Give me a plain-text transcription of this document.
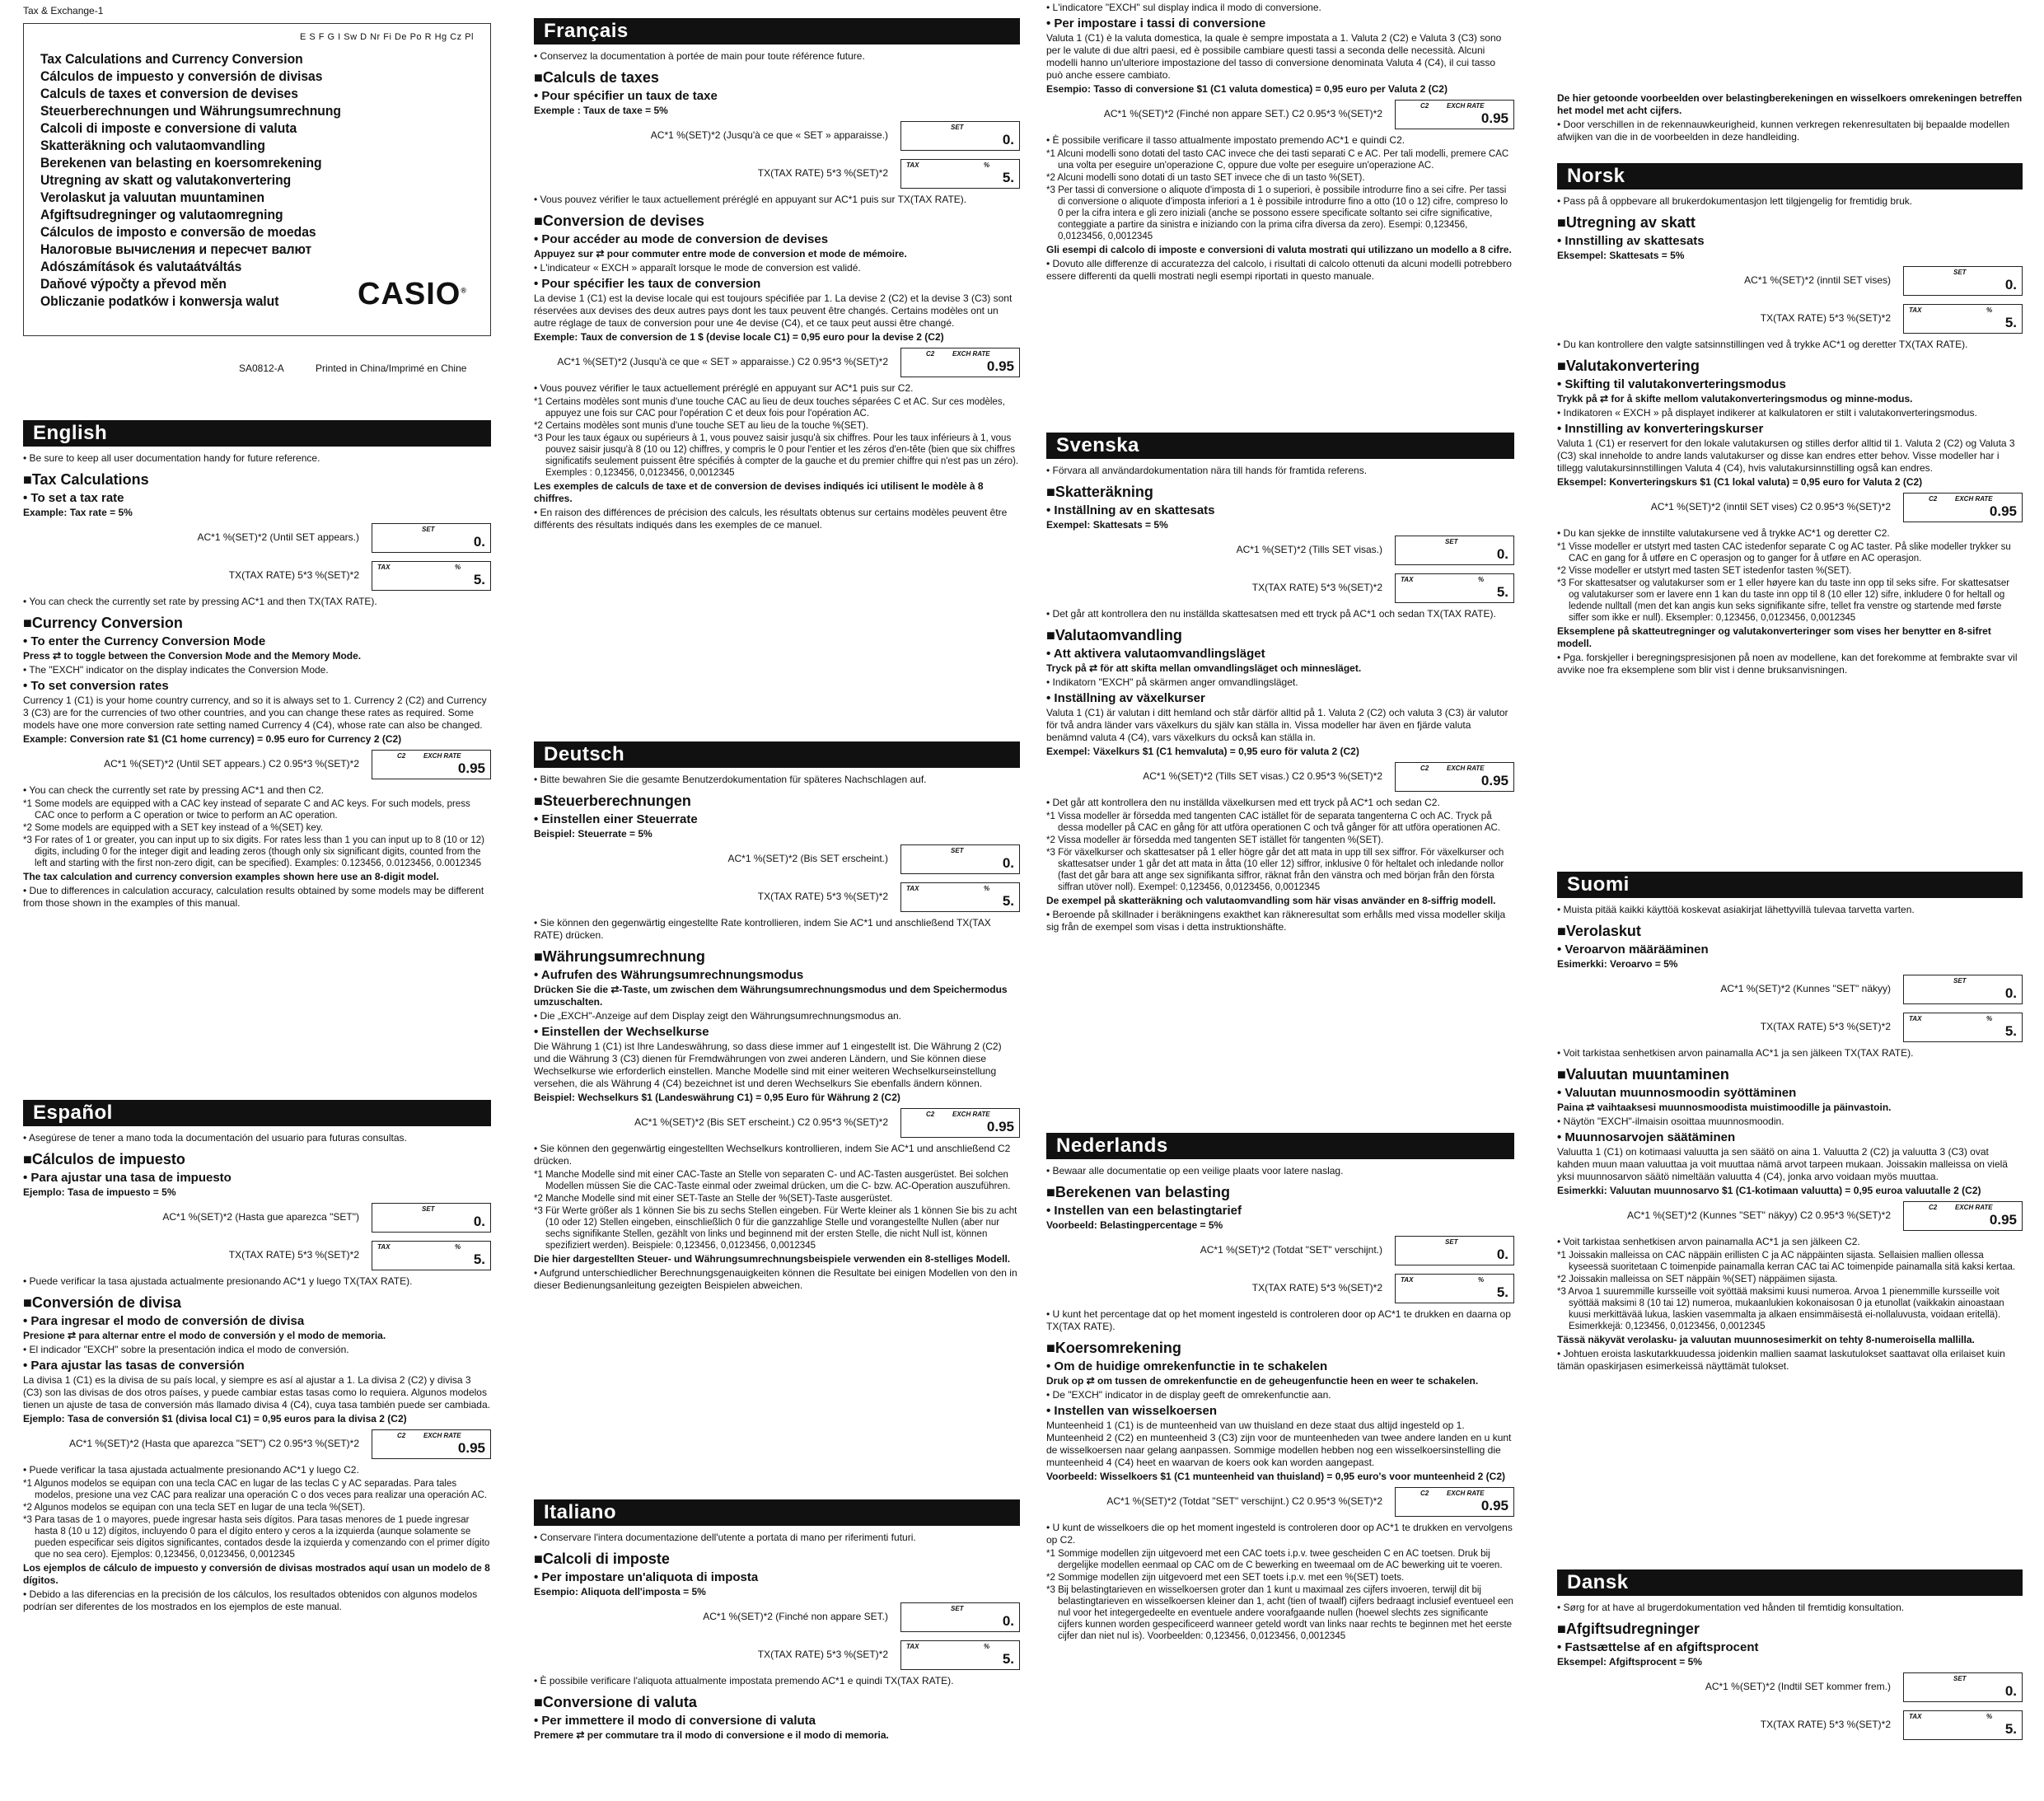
Tax & Exchange-1
E S F G I Sw D Nr Fi De Po R Hg Cz Pl
Tax Calculations and Currency Conversion
Cálculos de impuesto y conversión de divisas
Calculs de taxes et conversion de devises
Steuerberechnungen und Währungsumrechnung
Calcoli di imposte e conversione di valuta
Skatteräkning och valutaomvandling
Berekenen van belasting en koersomrekening
Utregning av skatt og valutakonvertering
Verolaskut ja valuutan muuntaminen
Afgiftsudregninger og valutaomregning
Cálculos de imposto e conversão de moedas
Налоговые вычисления и пересчет валют
Adószámítások és valutaátváltás
Daňové výpočty a převod měn
Obliczanie podatków i konwersja walut	CASIO®
SA0812-A	Printed in China/Imprimé en Chine
English
• Be sure to keep all user documentation handy for future reference.
■Tax Calculations
• To set a tax rate
Example: Tax rate = 5%
AC*1 %(SET)*2 (Until SET appears.)
SET
0.
TX(TAX RATE) 5*3 %(SET)*2
TAX	%
5.
• You can check the currently set rate by pressing AC*1 and then TX(TAX RATE).
■Currency Conversion
• To enter the Currency Conversion Mode
Press ⇄ to toggle between the Conversion Mode and the Memory Mode.
• The "EXCH" indicator on the display indicates the Conversion Mode.
• To set conversion rates
Currency 1 (C1) is your home country currency, and so it is always set to 1. Currency 2 (C2) and Currency 3 (C3) are for the currencies of two other countries, and you can change these rates as required. Some models have one more conversion rate setting named Currency 4 (C4), whose rate can also be changed.
Example: Conversion rate $1 (C1 home currency) = 0.95 euro for Currency 2 (C2)
AC*1 %(SET)*2 (Until SET appears.) C2 0.95*3 %(SET)*2
C2	EXCH RATE
0.95
• You can check the currently set rate by pressing AC*1 and then C2.
*1 Some models are equipped with a CAC key instead of separate C and AC keys. For such models, press CAC once to perform a C operation or twice to perform an AC operation.
*2 Some models are equipped with a SET key instead of a %(SET) key.
*3 For rates of 1 or greater, you can input up to six digits. For rates less than 1 you can input up to 8 (10 or 12) digits, including 0 for the integer digit and leading zeros (though only six significant digits, counted from the left and starting with the first non-zero digit, can be specified). Examples: 0.123456, 0.0123456, 0.0012345
The tax calculation and currency conversion examples shown here use an 8-digit model.
• Due to differences in calculation accuracy, calculation results obtained by some models may be different from those shown in the examples of this manual.
Español
• Asegúrese de tener a mano toda la documentación del usuario para futuras consultas.
■Cálculos de impuesto
• Para ajustar una tasa de impuesto
Ejemplo: Tasa de impuesto = 5%
AC*1 %(SET)*2 (Hasta gue aparezca "SET")
SET
0.
TX(TAX RATE) 5*3 %(SET)*2
TAX	%
5.
• Puede verificar la tasa ajustada actualmente presionando AC*1 y luego TX(TAX RATE).
■Conversión de divisa
• Para ingresar el modo de conversión de divisa
Presione ⇄ para alternar entre el modo de conversión y el modo de memoria.
• El indicador "EXCH" sobre la presentación indica el modo de conversión.
• Para ajustar las tasas de conversión
La divisa 1 (C1) es la divisa de su país local, y siempre es así al ajustar a 1. La divisa 2 (C2) y divisa 3 (C3) son las divisas de dos otros países, y puede cambiar estas tasas como lo requiera. Algunos modelos tienen un ajuste de tasa de conversión más llamado divisa 4 (C4), cuya tasa también puede ser cambiada.
Ejemplo: Tasa de conversión $1 (divisa local C1) = 0,95 euros para la divisa 2 (C2)
AC*1 %(SET)*2 (Hasta que aparezca "SET") C2 0.95*3 %(SET)*2
C2	EXCH RATE
0.95
• Puede verificar la tasa ajustada actualmente presionando AC*1 y luego C2.
*1 Algunos modelos se equipan con una tecla CAC en lugar de las teclas C y AC separadas. Para tales modelos, presione una vez CAC para realizar una operación C o dos veces para realizar una operación AC.
*2 Algunos modelos se equipan con una tecla SET en lugar de una tecla %(SET).
*3 Para tasas de 1 o mayores, puede ingresar hasta seis dígitos. Para tasas menores de 1 puede ingresar hasta 8 (10 u 12) dígitos, incluyendo 0 para el dígito entero y ceros a la izquierda (aunque solamente se pueden especificar seis dígitos significantes, contados desde la izquierda y comenzando con el primer dígito que no sea cero). Ejemplos: 0,123456, 0,0123456, 0,0012345
Los ejemplos de cálculo de impuesto y conversión de divisas mostrados aquí usan un modelo de 8 dígitos.
• Debido a las diferencias en la precisión de los cálculos, los resultados obtenidos con algunos modelos podrían ser diferentes de los mostrados en los ejemplos de este manual.
Français
• Conservez la documentation à portée de main pour toute référence future.
■Calculs de taxes
• Pour spécifier un taux de taxe
Exemple : Taux de taxe = 5%
AC*1 %(SET)*2 (Jusqu'à ce que « SET » apparaisse.)
SET
0.
TX(TAX RATE) 5*3 %(SET)*2
TAX	%
5.
• Vous pouvez vérifier le taux actuellement préréglé en appuyant sur AC*1 puis sur TX(TAX RATE).
■Conversion de devises
• Pour accéder au mode de conversion de devises
Appuyez sur ⇄ pour commuter entre mode de conversion et mode de mémoire.
• L'indicateur « EXCH » apparaît lorsque le mode de conversion est validé.
• Pour spécifier les taux de conversion
La devise 1 (C1) est la devise locale qui est toujours spécifiée par 1. La devise 2 (C2) et la devise 3 (C3) sont réservées aux devises des deux autres pays dont les taux peuvent être changés. Certains modèles ont un autre réglage de taux de conversion pour une 4e devise (C4), et ce taux peut aussi être changé.
Exemple: Taux de conversion de 1 $ (devise locale C1) = 0,95 euro pour la devise 2 (C2)
AC*1 %(SET)*2 (Jusqu'à ce que « SET » apparaisse.) C2 0.95*3 %(SET)*2
C2	EXCH RATE
0.95
• Vous pouvez vérifier le taux actuellement préréglé en appuyant sur AC*1 puis sur C2.
*1 Certains modèles sont munis d'une touche CAC au lieu de deux touches séparées C et AC. Sur ces modèles, appuyez une fois sur CAC pour l'opération C et deux fois pour l'opération AC.
*2 Certains modèles sont munis d'une touche SET au lieu de la touche %(SET).
*3 Pour les taux égaux ou supérieurs à 1, vous pouvez saisir jusqu'à six chiffres. Pour les taux inférieurs à 1, vous pouvez saisir jusqu'à 8 (10 ou 12) chiffres, y compris le 0 pour l'entier et les zéros d'en-tête (bien que six chiffres significatifs seulement puissent être spécifiés à compter de la gauche et du premier chiffre qui n'est pas un zéro). Exemples : 0,123456, 0,0123456, 0,0012345
Les exemples de calculs de taxe et de conversion de devises indiqués ici utilisent le modèle à 8 chiffres.
• En raison des différences de précision des calculs, les résultats obtenus sur certains modèles peuvent être différents des résultats indiqués dans les exemples de ce manuel.
Deutsch
• Bitte bewahren Sie die gesamte Benutzerdokumentation für späteres Nachschlagen auf.
■Steuerberechnungen
• Einstellen einer Steuerrate
Beispiel: Steuerrate = 5%
AC*1 %(SET)*2 (Bis SET erscheint.)
SET
0.
TX(TAX RATE) 5*3 %(SET)*2
TAX	%
5.
• Sie können den gegenwärtig eingestellte Rate kontrollieren, indem Sie AC*1 und anschließend TX(TAX RATE) drücken.
■Währungsumrechnung
• Aufrufen des Währungsumrechnungsmodus
Drücken Sie die ⇄-Taste, um zwischen dem Währungsumrechnungsmodus und dem Speichermodus umzuschalten.
• Die „EXCH"-Anzeige auf dem Display zeigt den Währungsumrechnungsmodus an.
• Einstellen der Wechselkurse
Die Währung 1 (C1) ist Ihre Landeswährung, so dass diese immer auf 1 eingestellt ist. Die Währung 2 (C2) und die Währung 3 (C3) dienen für Fremdwährungen von zwei anderen Ländern, und Sie können diese Wechselkurse wie erforderlich einstellen. Manche Modelle sind mit einer weiteren Wechselkurseinstellung versehen, die als Währung 4 (C4) bezeichnet ist und deren Wechselkurs Sie ebenfalls ändern können.
Beispiel: Wechselkurs $1 (Landeswährung C1) = 0,95 Euro für Währung 2 (C2)
AC*1 %(SET)*2 (Bis SET erscheint.) C2 0.95*3 %(SET)*2
C2	EXCH RATE
0.95
• Sie können den gegenwärtig eingestellten Wechselkurs kontrollieren, indem Sie AC*1 und anschließend C2 drücken.
*1 Manche Modelle sind mit einer CAC-Taste an Stelle von separaten C- und AC-Tasten ausgerüstet. Bei solchen Modellen müssen Sie die CAC-Taste einmal oder zweimal drücken, um die C- bzw. AC-Operation auszuführen.
*2 Manche Modelle sind mit einer SET-Taste an Stelle der %(SET)-Taste ausgerüstet.
*3 Für Werte größer als 1 können Sie bis zu sechs Stellen eingeben. Für Werte kleiner als 1 können Sie bis zu acht (10 oder 12) Stellen eingeben, einschließlich 0 für die ganzzahlige Stelle und vorangestellte Nullen (aber nur sechs signifikante Stellen, gezählt von links und beginnend mit der ersten Stelle, die nicht Null ist, können spezifiziert werden). Beispiele: 0,123456, 0,0123456, 0,0012345
Die hier dargestellten Steuer- und Währungsumrechnungsbeispiele verwenden ein 8-stelliges Modell.
• Aufgrund unterschiedlicher Berechnungsgenauigkeiten können die Resultate bei einigen Modellen von den in dieser Bedienungsanleitung gezeigten Beispielen abweichen.
Italiano
• Conservare l'intera documentazione dell'utente a portata di mano per riferimenti futuri.
■Calcoli di imposte
• Per impostare un'aliquota di imposta
Esempio: Aliquota dell'imposta = 5%
AC*1 %(SET)*2 (Finché non appare SET.)
SET
0.
TX(TAX RATE) 5*3 %(SET)*2
TAX	%
5.
• È possibile verificare l'aliquota attualmente impostata premendo AC*1 e quindi TX(TAX RATE).
■Conversione di valuta
• Per immettere il modo di conversione di valuta
Premere ⇄ per commutare tra il modo di conversione e il modo di memoria.
• L'indicatore "EXCH" sul display indica il modo di conversione.
• Per impostare i tassi di conversione
Valuta 1 (C1) è la valuta domestica, la quale è sempre impostata a 1. Valuta 2 (C2) e Valuta 3 (C3) sono per le valute di due altri paesi, ed è possibile cambiare questi tassi a seconda delle necessità. Alcuni modelli hanno un'ulteriore impostazione del tasso di conversione denominata Valuta 4 (C4), il cui tasso può anche essere cambiato.
Esempio: Tasso di conversione $1 (C1 valuta domestica) = 0,95 euro per Valuta 2 (C2)
AC*1 %(SET)*2 (Finché non appare SET.) C2 0.95*3 %(SET)*2
C2	EXCH RATE
0.95
• È possibile verificare il tasso attualmente impostato premendo AC*1 e quindi C2.
*1 Alcuni modelli sono dotati del tasto CAC invece che dei tasti separati C e AC. Per tali modelli, premere CAC una volta per eseguire un'operazione C, oppure due volte per eseguire un'operazione AC.
*2 Alcuni modelli sono dotati di un tasto SET invece che di un tasto %(SET).
*3 Per tassi di conversione o aliquote d'imposta di 1 o superiori, è possibile introdurre fino a sei cifre. Per tassi di conversione o aliquote d'imposta inferiori a 1 è possibile introdurre fino a otto (10 o 12) cifre, compreso lo 0 per la cifra intera e gli zero iniziali (anche se possono essere specificate soltanto sei cifre significative, conteggiate a partire da sinistra e iniziando con la prima cifra diversa da zero). Esempi: 0,123456, 0,0123456, 0,0012345
Gli esempi di calcolo di imposte e conversioni di valuta mostrati qui utilizzano un modello a 8 cifre.
• Dovuto alle differenze di accuratezza del calcolo, i risultati di calcolo ottenuti da alcuni modelli potrebbero essere differenti da quelli mostrati negli esempi riportati in questo manuale.
Svenska
• Förvara all användardokumentation nära till hands för framtida referens.
■Skatteräkning
• Inställning av en skattesats
Exempel: Skattesats = 5%
AC*1 %(SET)*2 (Tills SET visas.)
SET
0.
TX(TAX RATE) 5*3 %(SET)*2
TAX	%
5.
• Det går att kontrollera den nu inställda skattesatsen med ett tryck på AC*1 och sedan TX(TAX RATE).
■Valutaomvandling
• Att aktivera valutaomvandlingsläget
Tryck på ⇄ för att skifta mellan omvandlingsläget och minnesläget.
• Indikatorn "EXCH" på skärmen anger omvandlingsläget.
• Inställning av växelkurser
Valuta 1 (C1) är valutan i ditt hemland och står därför alltid på 1. Valuta 2 (C2) och valuta 3 (C3) är valutor för två andra länder vars växelkurs du själv kan ställa in. Vissa modeller har även en fjärde valuta benämnd valuta 4 (C4), vars växelkurs du också kan ställa in.
Exempel: Växelkurs $1 (C1 hemvaluta) = 0,95 euro för valuta 2 (C2)
AC*1 %(SET)*2 (Tills SET visas.) C2 0.95*3 %(SET)*2
C2	EXCH RATE
0.95
• Det går att kontrollera den nu inställda växelkursen med ett tryck på AC*1 och sedan C2.
*1 Vissa modeller är försedda med tangenten CAC istället för de separata tangenterna C och AC. Tryck på dessa modeller på CAC en gång för att utföra operationen C och två gånger för att utföra operationen AC.
*2 Vissa modeller är försedda med tangenten SET istället för tangenten %(SET).
*3 För växelkurser och skattesatser på 1 eller högre går det att mata in upp till sex siffror. För växelkurser och skattesatser under 1 går det att mata in åtta (10 eller 12) siffror, inklusive 0 för heltalet och inledande nollor (fast det går bara att ange sex signifikanta siffror, räknat från den vänstra och med början från den första siffran utöver noll). Exempel: 0,123456, 0,0123456, 0,0012345
De exempel på skatteräkning och valutaomvandling som här visas använder en 8-siffrig modell.
• Beroende på skillnader i beräkningens exakthet kan räkneresultat som erhålls med vissa modeller skilja sig från de exempel som visas i detta instruktionshäfte.
Nederlands
• Bewaar alle documentatie op een veilige plaats voor latere naslag.
■Berekenen van belasting
• Instellen van een belastingtarief
Voorbeeld: Belastingpercentage = 5%
AC*1 %(SET)*2 (Totdat "SET" verschijnt.)
SET
0.
TX(TAX RATE) 5*3 %(SET)*2
TAX	%
5.
• U kunt het percentage dat op het moment ingesteld is controleren door op AC*1 te drukken en daarna op TX(TAX RATE).
■Koersomrekening
• Om de huidige omrekenfunctie in te schakelen
Druk op ⇄ om tussen de omrekenfunctie en de geheugenfunctie heen en weer te schakelen.
• De "EXCH" indicator in de display geeft de omrekenfunctie aan.
• Instellen van wisselkoersen
Munteenheid 1 (C1) is de munteenheid van uw thuisland en deze staat dus altijd ingesteld op 1. Munteenheid 2 (C2) en munteenheid 3 (C3) zijn voor de munteenheden van twee andere landen en u kunt de wisselkoersen naar gelang aanpassen. Sommige modellen hebben nog een wisselkoersinstelling die munteenheid 4 (C4) heet en waarvan de koers ook kan worden aangepast.
Voorbeeld: Wisselkoers $1 (C1 munteenheid van thuisland) = 0,95 euro's voor munteenheid 2 (C2)
AC*1 %(SET)*2 (Totdat "SET" verschijnt.) C2 0.95*3 %(SET)*2
C2	EXCH RATE
0.95
• U kunt de wisselkoers die op het moment ingesteld is controleren door op AC*1 te drukken en vervolgens op C2.
*1 Sommige modellen zijn uitgevoerd met een CAC toets i.p.v. twee gescheiden C en AC toetsen. Druk bij dergelijke modellen eenmaal op CAC om de C bewerking en tweemaal om de AC bewerking uit te voeren.
*2 Sommige modellen zijn uitgevoerd met een SET toets i.p.v. met een %(SET) toets.
*3 Bij belastingtarieven en wisselkoersen groter dan 1 kunt u maximaal zes cijfers invoeren, terwijl dit bij belastingtarieven en wisselkoersen kleiner dan 1, acht (tien of twaalf) cijfers bedraagt inclusief eventueel een nul voor het integergedeelte en eventuele andere voorafgaande nullen (hoewel slechts zes significante cijfers kunnen worden gespecificeerd wanneer geteld wordt van links naar rechts te beginnen met het eerste cijfer dan niet nul is). Voorbeelden: 0,123456, 0,0123456, 0,0012345
De hier getoonde voorbeelden over belastingberekeningen en wisselkoers omrekeningen betreffen het model met acht cijfers.
• Door verschillen in de rekennauwkeurigheid, kunnen verkregen rekenresultaten bij bepaalde modellen afwijken van die in de voorbeelden in deze handleiding.
Norsk
• Pass på å oppbevare all brukerdokumentasjon lett tilgjengelig for fremtidig bruk.
■Utregning av skatt
• Innstilling av skattesats
Eksempel: Skattesats = 5%
AC*1 %(SET)*2 (inntil SET vises)
SET
0.
TX(TAX RATE) 5*3 %(SET)*2
TAX	%
5.
• Du kan kontrollere den valgte satsinnstillingen ved å trykke AC*1 og deretter TX(TAX RATE).
■Valutakonvertering
• Skifting til valutakonverteringsmodus
Trykk på ⇄ for å skifte mellom valutakonverteringsmodus og minne-modus.
• Indikatoren « EXCH » på displayet indikerer at kalkulatoren er stilt i valutakonverteringsmodus.
• Innstilling av konverteringskurser
Valuta 1 (C1) er reservert for den lokale valutakursen og stilles derfor alltid til 1. Valuta 2 (C2) og Valuta 3 (C3) skal inneholde to andre lands valutakurser og disse kan endres etter behov. Visse modeller har i tillegg valutakursinnstillingen Valuta 4 (C4), hvis valutakursinnstilling også kan endres.
Eksempel: Konverteringskurs $1 (C1 lokal valuta) = 0,95 euro for Valuta 2 (C2)
AC*1 %(SET)*2 (inntil SET vises) C2 0.95*3 %(SET)*2
C2	EXCH RATE
0.95
• Du kan sjekke de innstilte valutakursene ved å trykke AC*1 og deretter C2.
*1 Visse modeller er utstyrt med tasten CAC istedenfor separate C og AC taster. På slike modeller trykker su CAC en gang for å utføre en C operasjon og to ganger for å utføre en AC operasjon.
*2 Visse modeller er utstyrt med tasten SET istedenfor tasten %(SET).
*3 For skattesatser og valutakurser som er 1 eller høyere kan du taste inn opp til seks sifre. For skattesatser og valutakurser som er lavere enn 1 kan du taste inn opp til 8 (10 eller 12) sifre, inkludere 0 for heltall og ledende nulltall (men det kan angis kun seks signifikante sifre, tellet fra venstre og startende med første siffer som ikke er null). Eksempler: 0,123456, 0,0123456, 0,0012345
Eksemplene på skatteutregninger og valutakonverteringer som vises her benytter en 8-sifret modell.
• Pga. forskjeller i beregningspresisjonen på noen av modellene, kan det forekomme at fembrakte svar vil avvike noe fra eksemplene som blir vist i denne bruksanvisningen.
Suomi
• Muista pitää kaikki käyttöä koskevat asiakirjat lähettyvillä tulevaa tarvetta varten.
■Verolaskut
• Veroarvon määrääminen
Esimerkki: Veroarvo = 5%
AC*1 %(SET)*2 (Kunnes "SET" näkyy)
SET
0.
TX(TAX RATE) 5*3 %(SET)*2
TAX	%
5.
• Voit tarkistaa senhetkisen arvon painamalla AC*1 ja sen jälkeen TX(TAX RATE).
■Valuutan muuntaminen
• Valuutan muunnosmoodin syöttäminen
Paina ⇄ vaihtaaksesi muunnosmoodista muistimoodille ja päinvastoin.
• Näytön "EXCH"-ilmaisin osoittaa muunnosmoodin.
• Muunnosarvojen säätäminen
Valuutta 1 (C1) on kotimaasi valuutta ja sen säätö on aina 1. Valuutta 2 (C2) ja valuutta 3 (C3) ovat kahden muun maan valuuttaa ja voit muuttaa nämä arvot tarpeen mukaan. Joissakin malleissa on vielä yksi muunnosarvon säätö nimeltään valuutta 4 (C4), jonka arvo voidaan myös muuttaa.
Esimerkki: Valuutan muunnosarvo $1 (C1-kotimaan valuutta) = 0,95 euroa valuutalle 2 (C2)
AC*1 %(SET)*2 (Kunnes "SET" näkyy) C2 0.95*3 %(SET)*2
C2	EXCH RATE
0.95
• Voit tarkistaa senhetkisen arvon painamalla AC*1 ja sen jälkeen C2.
*1 Joissakin malleissa on CAC näppäin erillisten C ja AC näppäinten sijasta. Sellaisien mallien ollessa kyseessä suoritetaan C toimenpide painamalla kerran CAC tai AC toimenpide painamalla sitä kaksi kertaa.
*2 Joissakin malleissa on SET näppäin %(SET) näppäimen sijasta.
*3 Arvoa 1 suuremmille kursseille voit syöttää maksimi kuusi numeroa. Arvoa 1 pienemmille kursseille voit syöttää maksimi 8 (10 tai 12) numeroa, mukaanlukien kokonaisosan 0 ja etunollat (vaikkakin ainoastaan kuusi merkittävää lukua, laskien vasemmalta ja alkaen ensimmäisestä ei-nollaluvusta, voidaan eritellä). Esimerkkejä: 0,123456, 0,0123456, 0,0012345
Tässä näkyvät verolasku- ja valuutan muunnosesimerkit on tehty 8-numeroisella mallilla.
• Johtuen eroista laskutarkkuudessa joidenkin mallien saamat laskutulokset saattavat olla erilaiset kuin tämän opaskirjasen esimerkeissä näyttämät tulokset.
Dansk
• Sørg for at have al brugerdokumentation ved hånden til fremtidig konsultation.
■Afgiftsudregninger
• Fastsættelse af en afgiftsprocent
Eksempel: Afgiftsprocent = 5%
AC*1 %(SET)*2 (Indtil SET kommer frem.)
SET
0.
TX(TAX RATE) 5*3 %(SET)*2
TAX	%
5.
